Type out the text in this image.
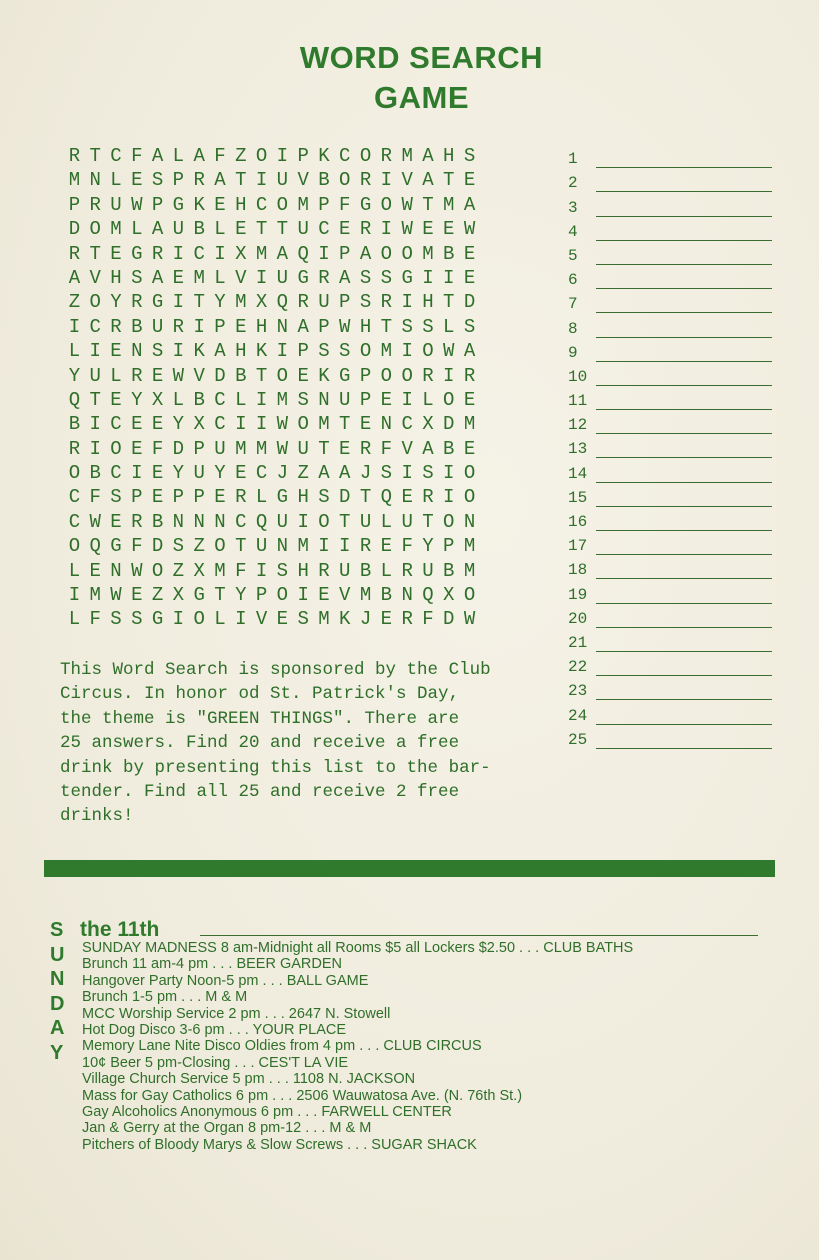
WORD SEARCH
GAME
R T C F A L A F Z O I P K C O R M A H S
M N L E S P R A T I U V B O R I V A T E
P R U W P G K E H C O M P F G O W T M A
D O M L A U B L E T T U C E R I W E E W
R T E G R I C I X M A Q I P A O O M B E
A V H S A E M L V I U G R A S S G I I E
Z O Y R G I T Y M X Q R U P S R I H T D
I C R B U R I P E H N A P W H T S S L S
L I E N S I K A H K I P S S O M I O W A
Y U L R E W V D B T O E K G P O O R I R
Q T E Y X L B C L I M S N U P E I L O E
B I C E E Y X C I I W O M T E N C X D M
R I O E F D P U M M W U T E R F V A B E
O B C I E Y U Y E C J Z A A J S I S I O
C F S P E P P E R L G H S D T Q E R I O
C W E R B N N N C Q U I O T U L U T O N
O Q G F D S Z O T U N M I I R E F Y P M
L E N W O Z X M F I S H R U B L R U B M
I M W E Z X G T Y P O I E V M B N Q X O
L F S S G I O L I V E S M K J E R F D W
1
2
3
4
5
6
7
8
9
10
11
12
13
14
15
16
17
18
19
20
21
22
23
24
25
This Word Search is sponsored by the Club
Circus. In honor od St. Patrick's Day,
the theme is "GREEN THINGS". There are
25 answers. Find 20 and receive a free
drink by presenting this list to the bar-
tender. Find all 25 and receive 2 free
drinks!
S
U
N
D
A
Y
the 11th
SUNDAY MADNESS 8 am-Midnight all Rooms $5 all Lockers $2.50 . . . CLUB BATHS
Brunch 11 am-4 pm . . . BEER GARDEN
Hangover Party Noon-5 pm . . . BALL GAME
Brunch 1-5 pm . . . M & M
MCC Worship Service 2 pm . . . 2647 N. Stowell
Hot Dog Disco 3-6 pm . . . YOUR PLACE
Memory Lane Nite Disco Oldies from 4 pm . . . CLUB CIRCUS
10¢ Beer 5 pm-Closing . . . CES'T LA VIE
Village Church Service 5 pm . . . 1108 N. JACKSON
Mass for Gay Catholics 6 pm . . . 2506 Wauwatosa Ave. (N. 76th St.)
Gay Alcoholics Anonymous 6 pm . . . FARWELL CENTER
Jan & Gerry at the Organ 8 pm-12 . . . M & M
Pitchers of Bloody Marys & Slow Screws . . . SUGAR SHACK
